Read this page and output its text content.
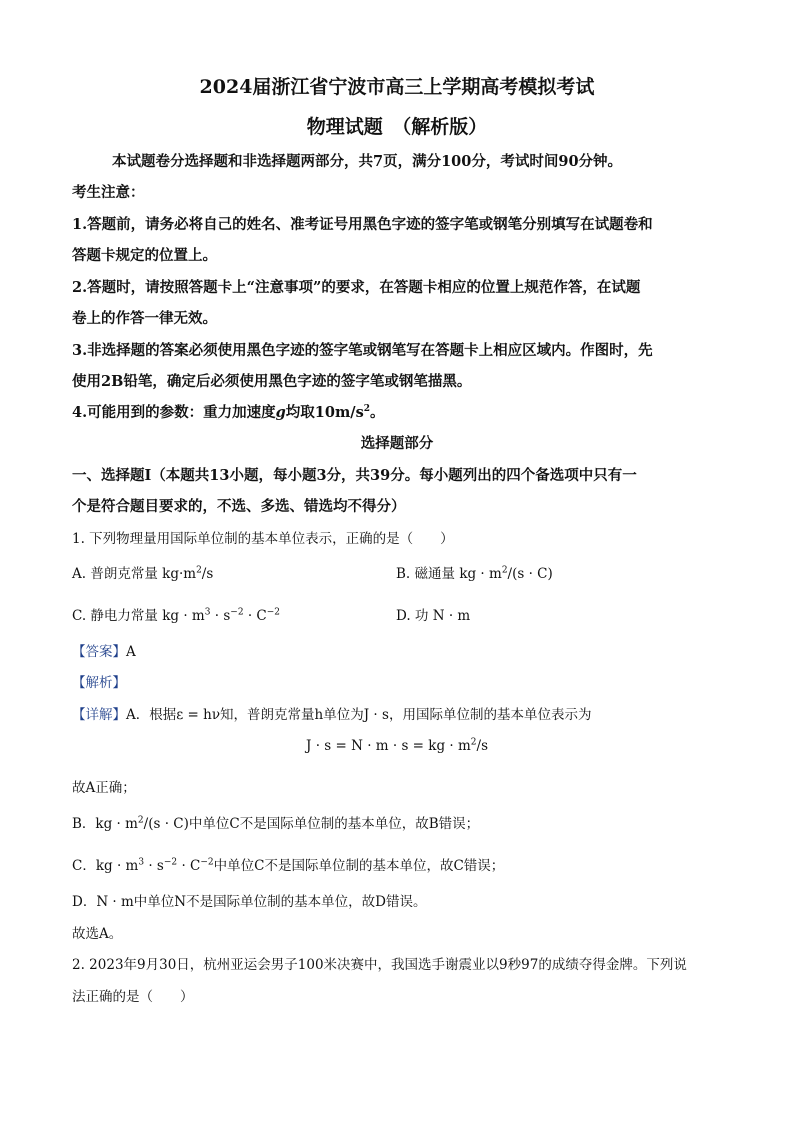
2024届浙江省宁波市高三上学期高考模拟考试
物理试题　（解析版）
本试题卷分选择题和非选择题两部分，共7页，满分100分，考试时间90分钟。
考生注意：
1.答题前，请务必将自己的姓名、准考证号用黑色字迹的签字笔或钢笔分别填写在试题卷和
答题卡规定的位置上。
2.答题时，请按照答题卡上“注意事项”的要求，在答题卡相应的位置上规范作答，在试题
卷上的作答一律无效。
3.非选择题的答案必须使用黑色字迹的签字笔或钢笔写在答题卡上相应区域内。作图时，先
使用2B铅笔，确定后必须使用黑色字迹的签字笔或钢笔描黑。
4.可能用到的参数：重力加速度g均取$10m/s^2$。
选择题部分
一、选择题Ⅰ（本题共13小题，每小题3分，共39分。每小题列出的四个备选项中只有一
个是符合题目要求的，不选、多选、错选均不得分）
1. 下列物理量用国际单位制的基本单位表示，正确的是（　　）
A. 普朗克常量 $kg\cdot m^2/s$	B. 磁通量 kg · $m^2/(s \cdot C)$
C. 静电力常量 kg · $m^3 \cdot s^{-2} \cdot C^{-2}$	D. 功 N · m
【答案】A
【解析】
【详解】A．根据ε = hν知，普朗克常量h单位为J · s，用国际单位制的基本单位表示为
J · s = N · m · s = kg · $m^2/s$
故A正确；
B．kg · $m^2/(s \cdot C)$中单位C不是国际单位制的基本单位，故B错误；
C．kg · $m^3 \cdot s^{-2} \cdot C^{-2}$中单位C不是国际单位制的基本单位，故C错误；
D．N · m中单位N不是国际单位制的基本单位，故D错误。
故选A。
2. 2023年9月30日，杭州亚运会男子100米决赛中，我国选手谢震业以9秒97的成绩夺得金牌。下列说
法正确的是（　　）
